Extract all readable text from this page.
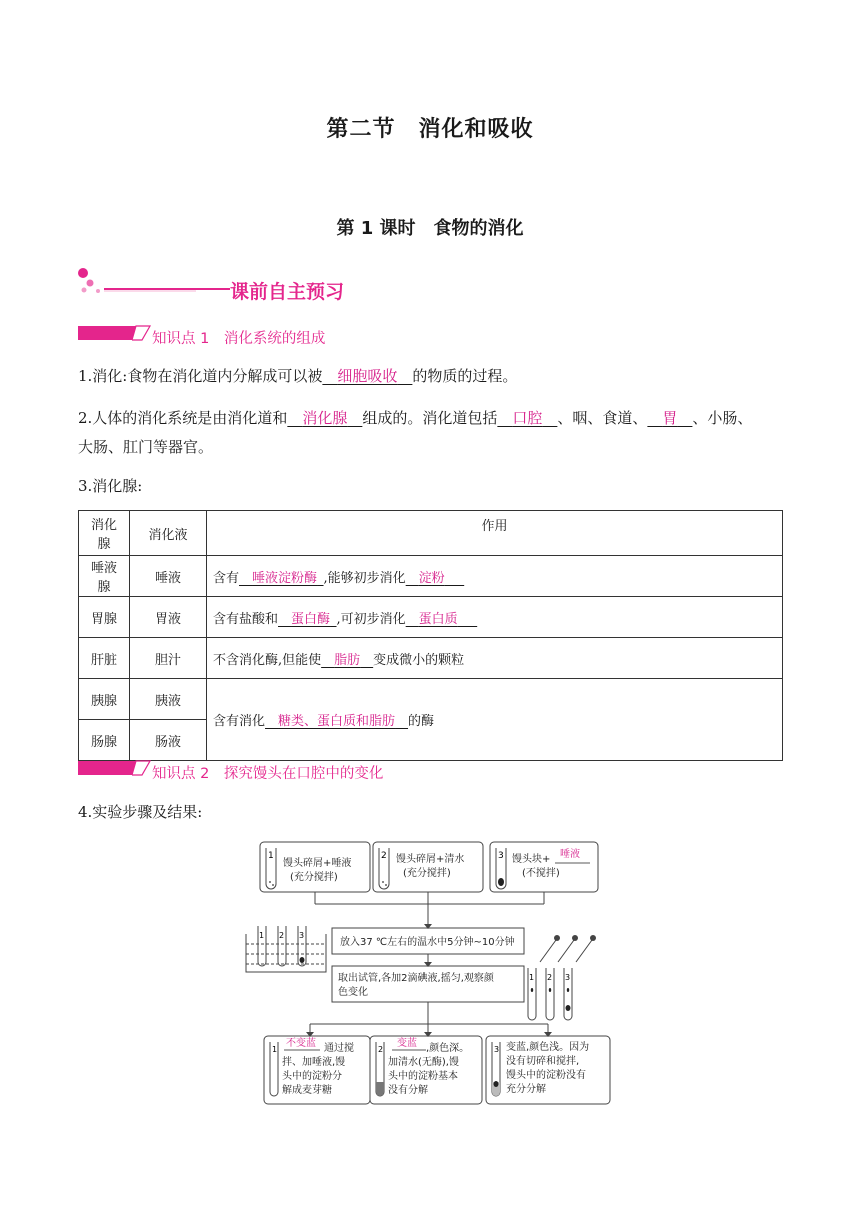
第二节　消化和吸收
第 1 课时　食物的消化
课前自主预习
知识点 1　消化系统的组成
1.消化:食物在消化道内分解成可以被   细胞吸收   的物质的过程。
2.人体的消化系统是由消化道和   消化腺   组成的。消化道包括   口腔   、咽、食道、   胃   、小肠、
大肠、肛门等器官。
3.消化腺:
消化腺	消化液	作用
唾液腺	唾液	含有   唾液淀粉酶  ,能够初步消化   淀粉   
胃腺	胃液	含有盐酸和   蛋白酶  ,可初步消化   蛋白质   
肝脏	胆汁	不含消化酶,但能使   脂肪   变成微小的颗粒
胰腺	胰液	含有消化   糖类、蛋白质和脂肪   的酶
肠腺	肠液	
知识点 2　探究馒头在口腔中的变化
4.实验步骤及结果:
1	2	3
馒头碎屑+唾液
(充分搅拌)
馒头碎屑+清水
(充分搅拌)
馒头块+ 唾液
(不搅拌)
1 2 3
放入37 ℃左右的温水中5分钟~10分钟
取出试管,各加2滴碘液,摇匀,观察颜
色变化
1 2 3
1	2	3
不变蓝 通过搅
拌、加唾液,馒
头中的淀粉分
解成麦芽糖
变蓝 ,颜色深。
加清水(无酶),馒
头中的淀粉基本
没有分解
变蓝,颜色浅。因为
没有切碎和搅拌,
馒头中的淀粉没有
充分分解
